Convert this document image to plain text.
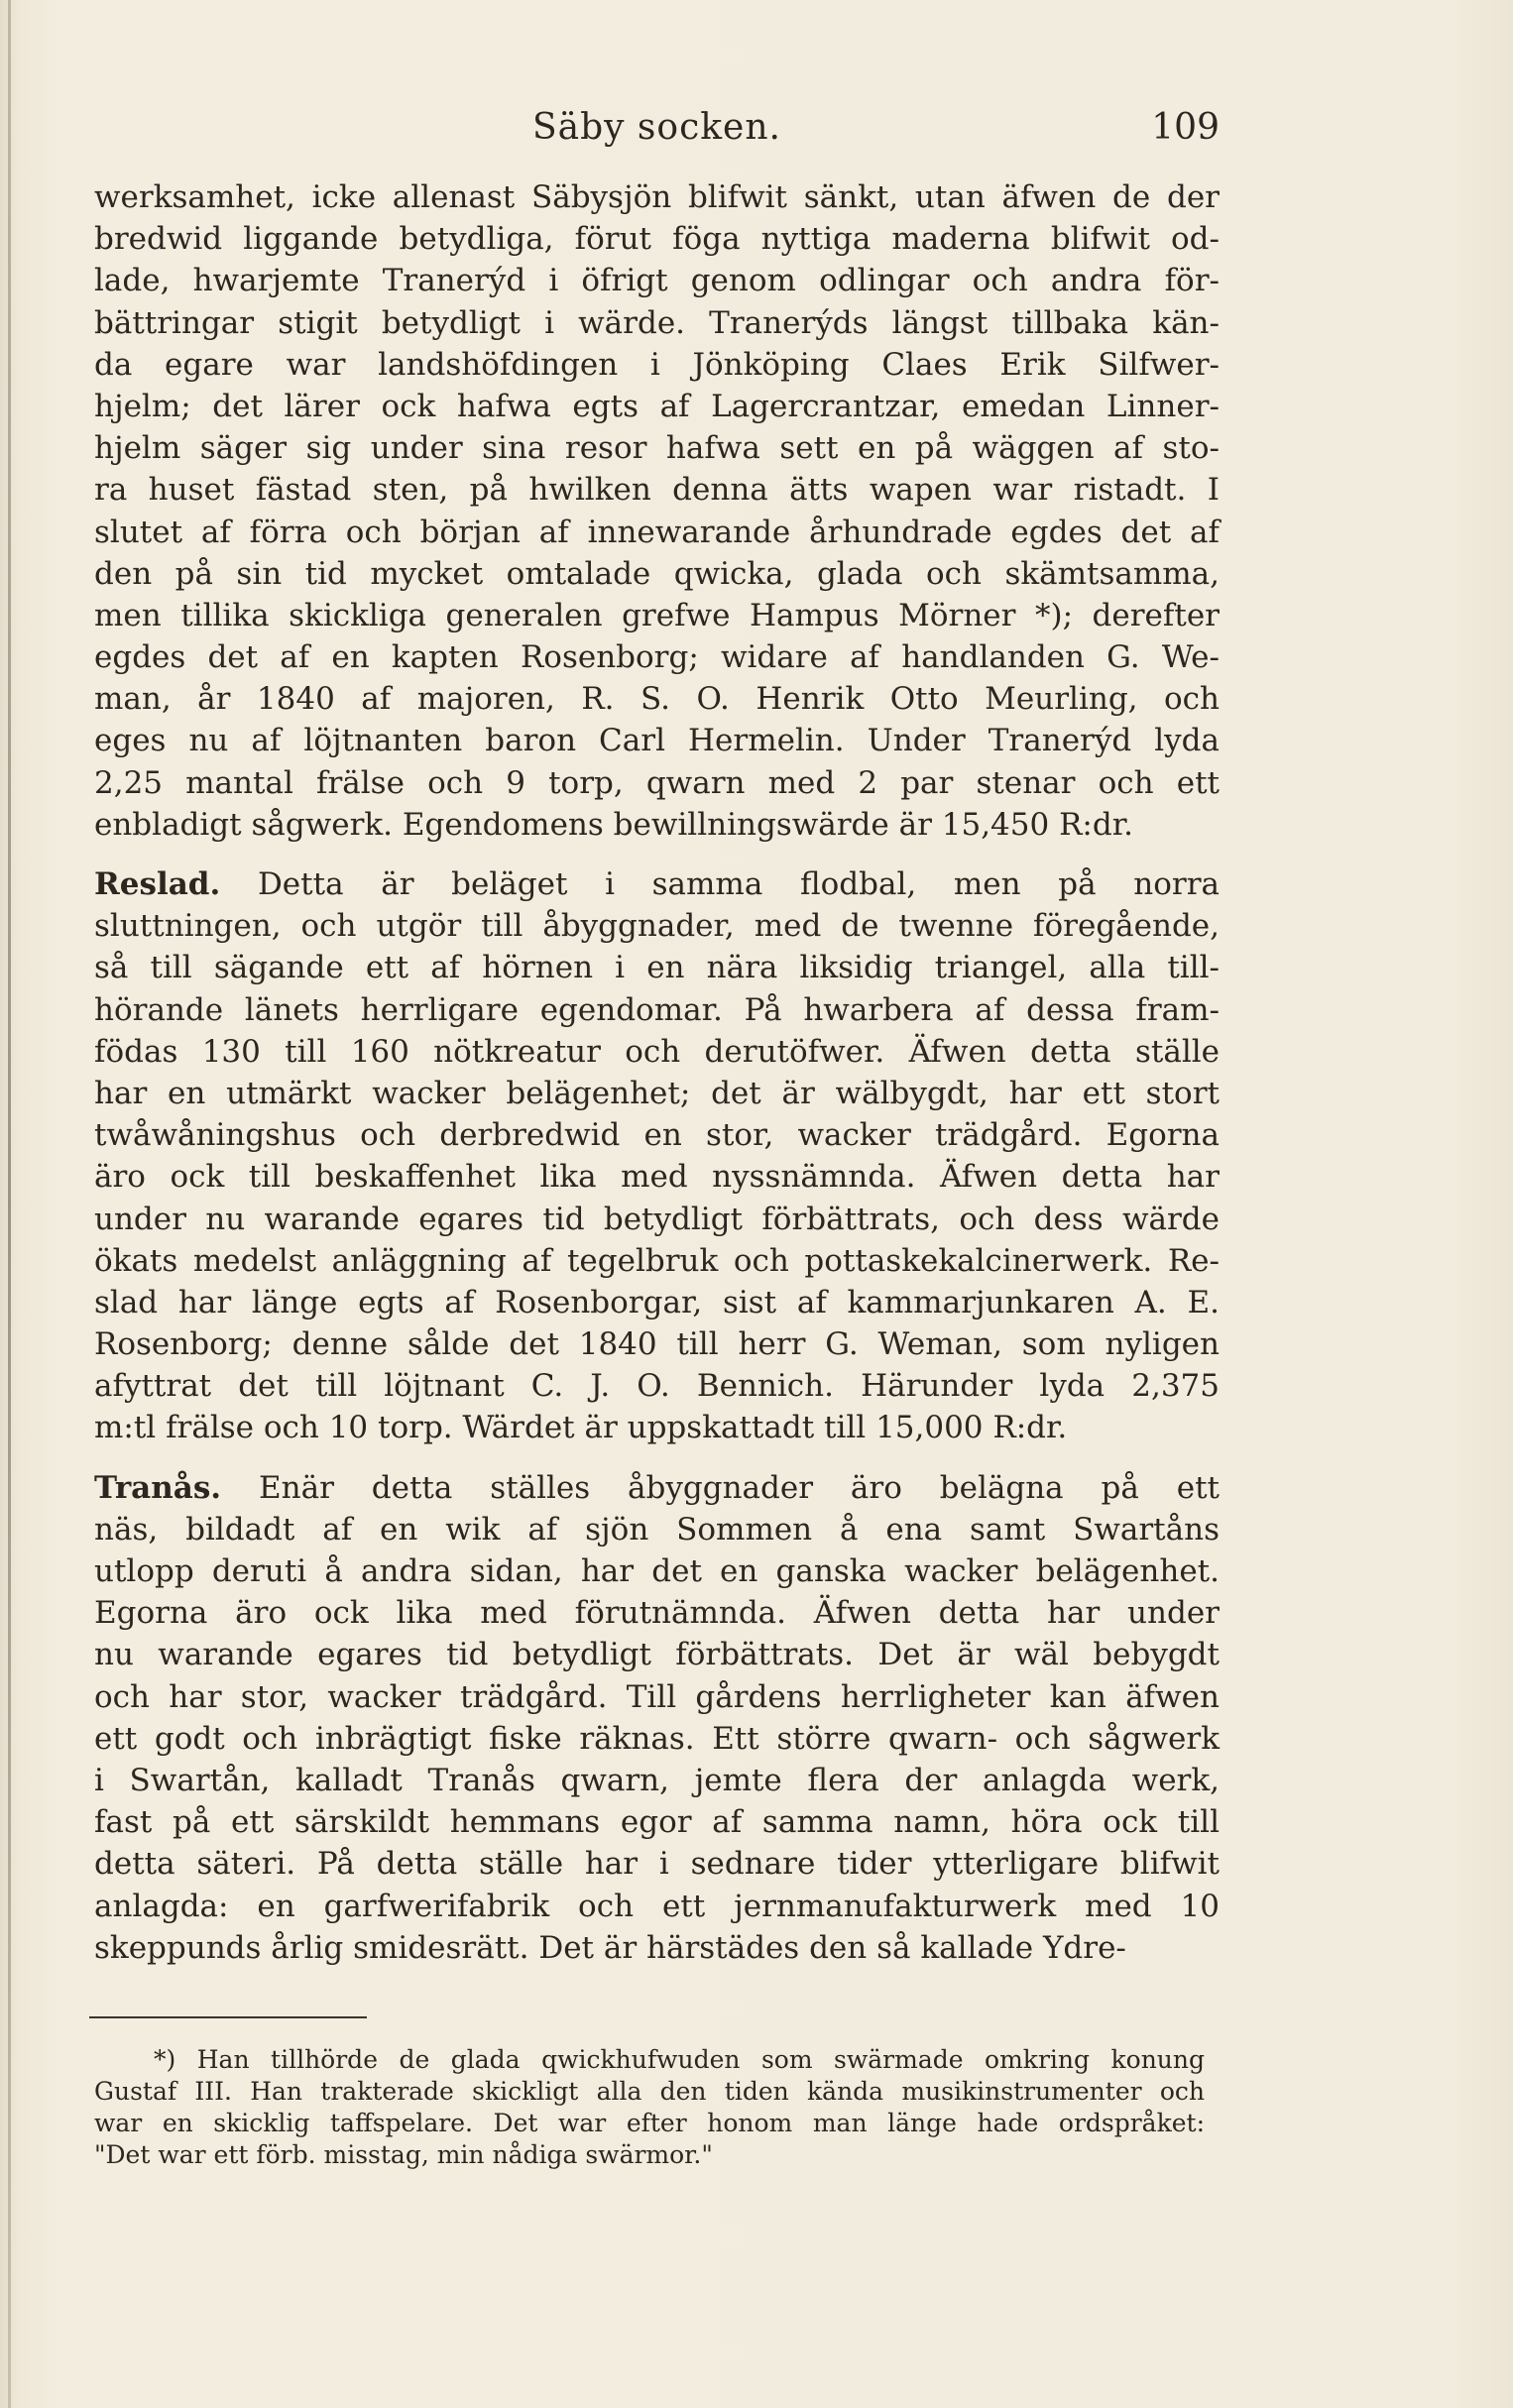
Säby socken.	109
werksamhet, icke allenast Säbysjön blifwit sänkt, utan äfwen de der
bredwid liggande betydliga, förut föga nyttiga maderna blifwit od-
lade, hwarjemte Tranerýd i öfrigt genom odlingar och andra för-
bättringar stigit betydligt i wärde. Tranerýds längst tillbaka kän-
da egare war landshöfdingen i Jönköping Claes Erik Silfwer-
hjelm; det lärer ock hafwa egts af Lagercrantzar, emedan Linner-
hjelm säger sig under sina resor hafwa sett en på wäggen af sto-
ra huset fästad sten, på hwilken denna ätts wapen war ristadt. I
slutet af förra och början af innewarande århundrade egdes det af
den på sin tid mycket omtalade qwicka, glada och skämtsamma,
men tillika skickliga generalen grefwe Hampus Mörner *); derefter
egdes det af en kapten Rosenborg; widare af handlanden G. We-
man, år 1840 af majoren, R. S. O. Henrik Otto Meurling, och
eges nu af löjtnanten baron Carl Hermelin. Under Tranerýd lyda
2,25 mantal frälse och 9 torp, qwarn med 2 par stenar och ett
enbladigt sågwerk. Egendomens bewillningswärde är 15,450 R:dr.
Reslad. Detta är beläget i samma flodbal, men på norra
sluttningen, och utgör till åbyggnader, med de twenne föregående,
så till sägande ett af hörnen i en nära liksidig triangel, alla till-
hörande länets herrligare egendomar. På hwarbera af dessa fram-
födas 130 till 160 nötkreatur och derutöfwer. Äfwen detta ställe
har en utmärkt wacker belägenhet; det är wälbygdt, har ett stort
twåwåningshus och derbredwid en stor, wacker trädgård. Egorna
äro ock till beskaffenhet lika med nyssnämnda. Äfwen detta har
under nu warande egares tid betydligt förbättrats, och dess wärde
ökats medelst anläggning af tegelbruk och pottaskekalcinerwerk. Re-
slad har länge egts af Rosenborgar, sist af kammarjunkaren A. E.
Rosenborg; denne sålde det 1840 till herr G. Weman, som nyligen
afyttrat det till löjtnant C. J. O. Bennich. Härunder lyda 2,375
m:tl frälse och 10 torp. Wärdet är uppskattadt till 15,000 R:dr.
Tranås. Enär detta ställes åbyggnader äro belägna på ett
näs, bildadt af en wik af sjön Sommen å ena samt Swartåns
utlopp deruti å andra sidan, har det en ganska wacker belägenhet.
Egorna äro ock lika med förutnämnda. Äfwen detta har under
nu warande egares tid betydligt förbättrats. Det är wäl bebygdt
och har stor, wacker trädgård. Till gårdens herrligheter kan äfwen
ett godt och inbrägtigt fiske räknas. Ett större qwarn- och sågwerk
i Swartån, kalladt Tranås qwarn, jemte flera der anlagda werk,
fast på ett särskildt hemmans egor af samma namn, höra ock till
detta säteri. På detta ställe har i sednare tider ytterligare blifwit
anlagda: en garfwerifabrik och ett jernmanufakturwerk med 10
skeppunds årlig smidesrätt. Det är härstädes den så kallade Ydre-
*) Han tillhörde de glada qwickhufwuden som swärmade omkring konung
Gustaf III. Han trakterade skickligt alla den tiden kända musikinstrumenter och
war en skicklig taffspelare. Det war efter honom man länge hade ordspråket:
"Det war ett förb. misstag, min nådiga swärmor."
